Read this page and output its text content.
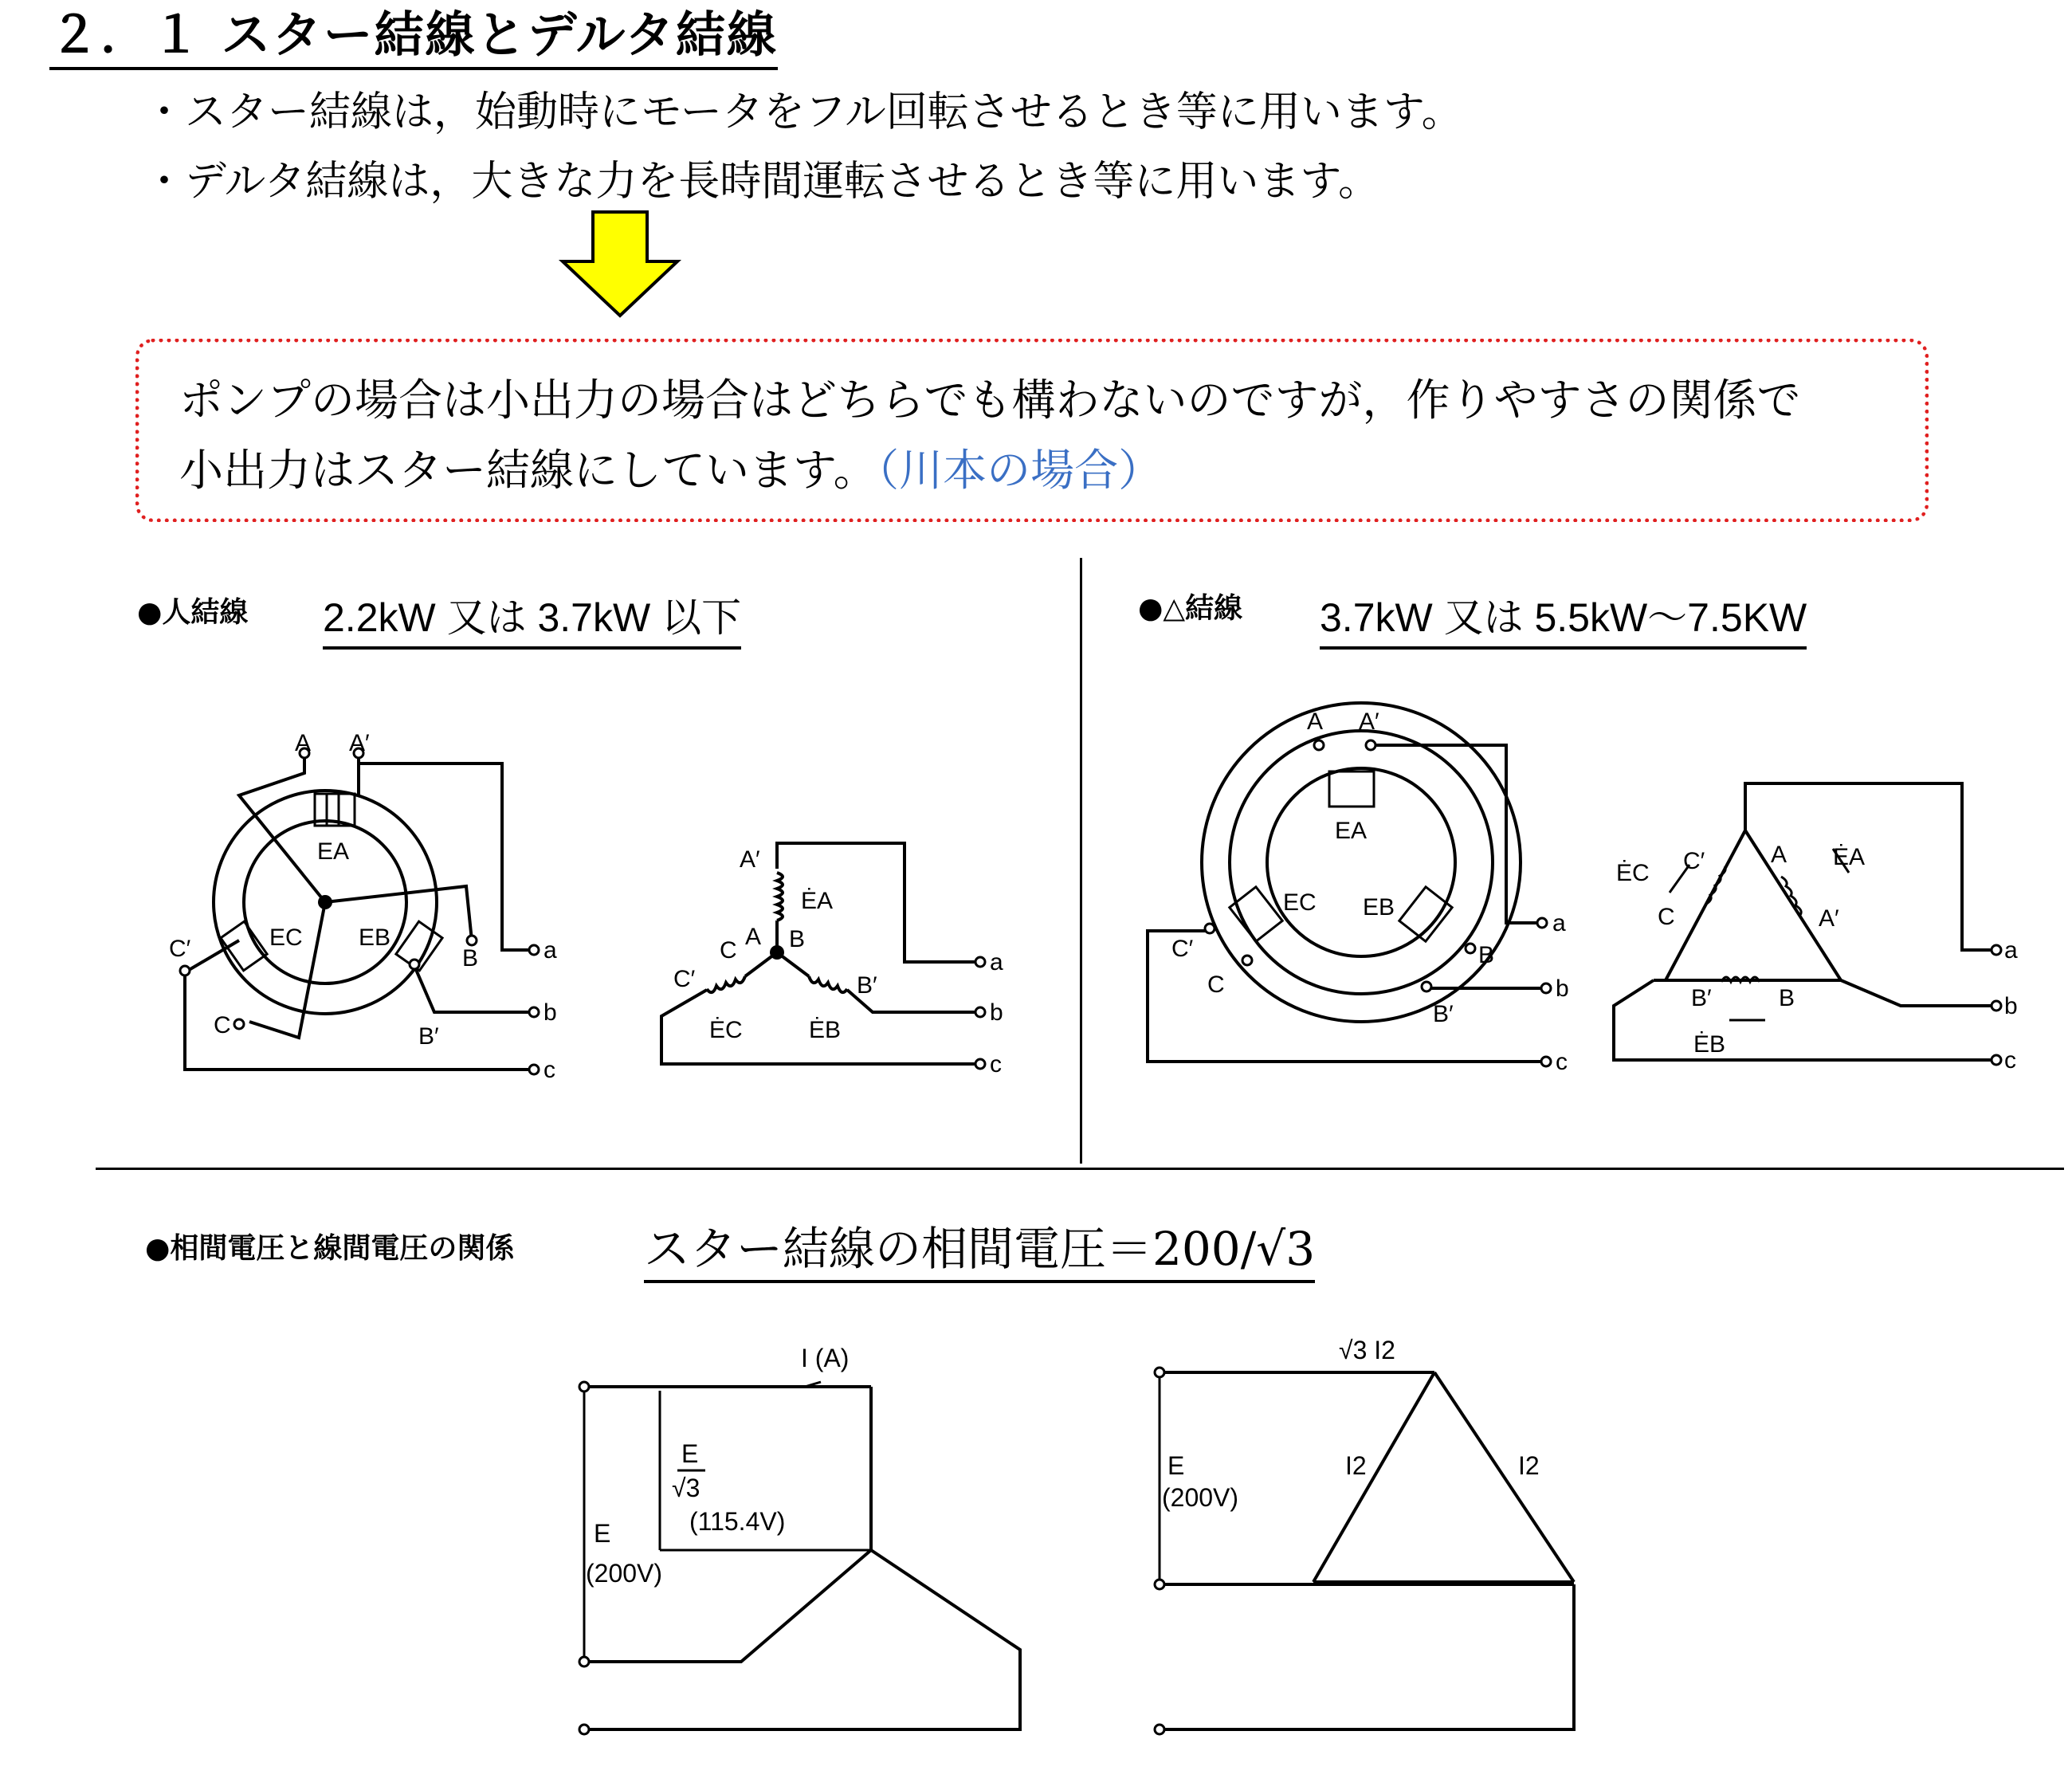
２．１ スター結線とデルタ結線
・スター結線は，始動時にモータをフル回転させるとき等に用います。
・デルタ結線は，大きな力を長時間運転させるとき等に用います。
ポンプの場合は小出力の場合はどちらでも構わないのですが，作りやすさの関係で
小出力はスター結線にしています。（川本の場合）
●人結線 2.2kW 又は 3.7kW 以下	●△結線 3.7kW 又は 5.5kW〜7.5KW
●相間電圧と線間電圧の関係	スター結線の相間電圧＝200/√3
A A′
EA
EC EB
C′
C
B
B′
a
b
c
A′
ĖA
A B
C
C′	B′
ĖC	ĖB
a
b
c
A A′
EA
EC EB
C′
C
B
B′
a
b
c
ĖC C′
C
A ĖA
A′
B′	B
ĖB
a
b
c
I (A)
E
√3
(115.4V)
E
(200V)
√3 I2
I2	I2
E
(200V)
